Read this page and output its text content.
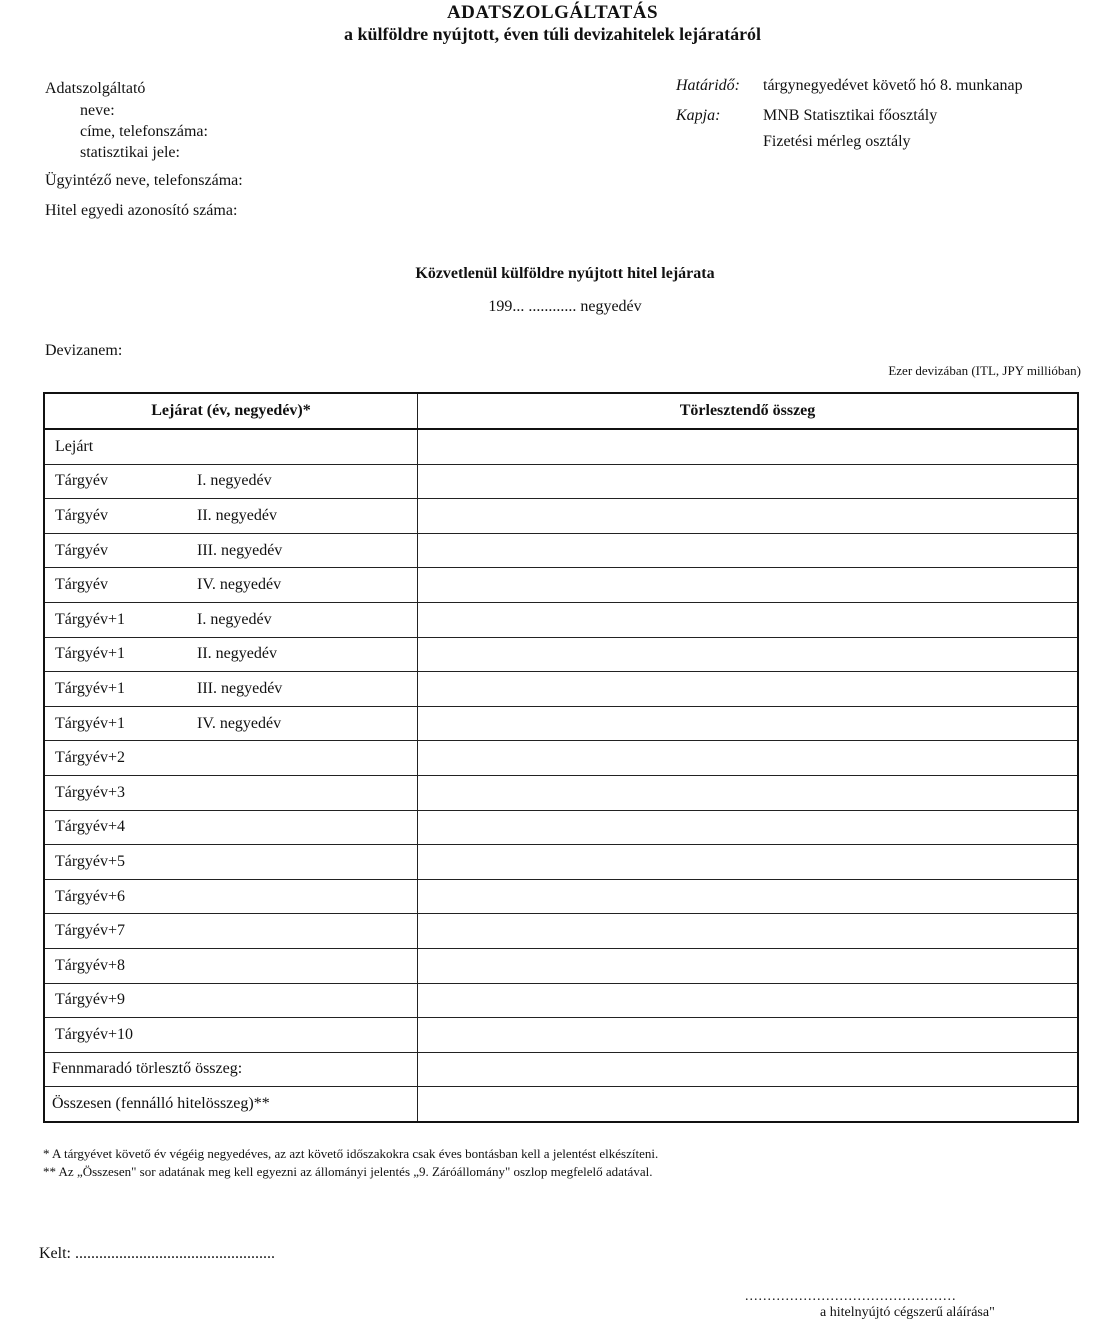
ADATSZOLGÁLTATÁS
a külföldre nyújtott, éven túli devizahitelek lejáratáról
Adatszolgáltató
neve:
címe, telefonszáma:
statisztikai jele:
Ügyintéző neve, telefonszáma:
Hitel egyedi azonosító száma:
Határidő: tárgynegyedévet követő hó 8. munkanap
Kapja:	MNB Statisztikai főosztály
Fizetési mérleg osztály
Közvetlenül külföldre nyújtott hitel lejárata
199... ............ negyedév
Devizanem:
Ezer devizában (ITL, JPY millióban)
Lejárat (év, negyedév)*	Törlesztendő összeg
Lejárt	
Tárgyév I. negyedév	
Tárgyév II. negyedév	
Tárgyév III. negyedév	
Tárgyév IV. negyedév	
Tárgyév+1 I. negyedév	
Tárgyév+1 II. negyedév	
Tárgyév+1 III. negyedév	
Tárgyév+1 IV. negyedév	
Tárgyév+2	
Tárgyév+3	
Tárgyév+4	
Tárgyév+5	
Tárgyév+6	
Tárgyév+7	
Tárgyév+8	
Tárgyév+9	
Tárgyév+10	
Fennmaradó törlesztő összeg:	
Összesen (fennálló hitelösszeg)**	
* A tárgyévet követő év végéig negyedéves, az azt követő időszakokra csak éves bontásban kell a jelentést elkészíteni.
** Az „Összesen" sor adatának meg kell egyezni az állományi jelentés „9. Záróállomány" oszlop megfelelő adatával.
Kelt: ..................................................
...............................................
a hitelnyújtó cégszerű aláírása"
